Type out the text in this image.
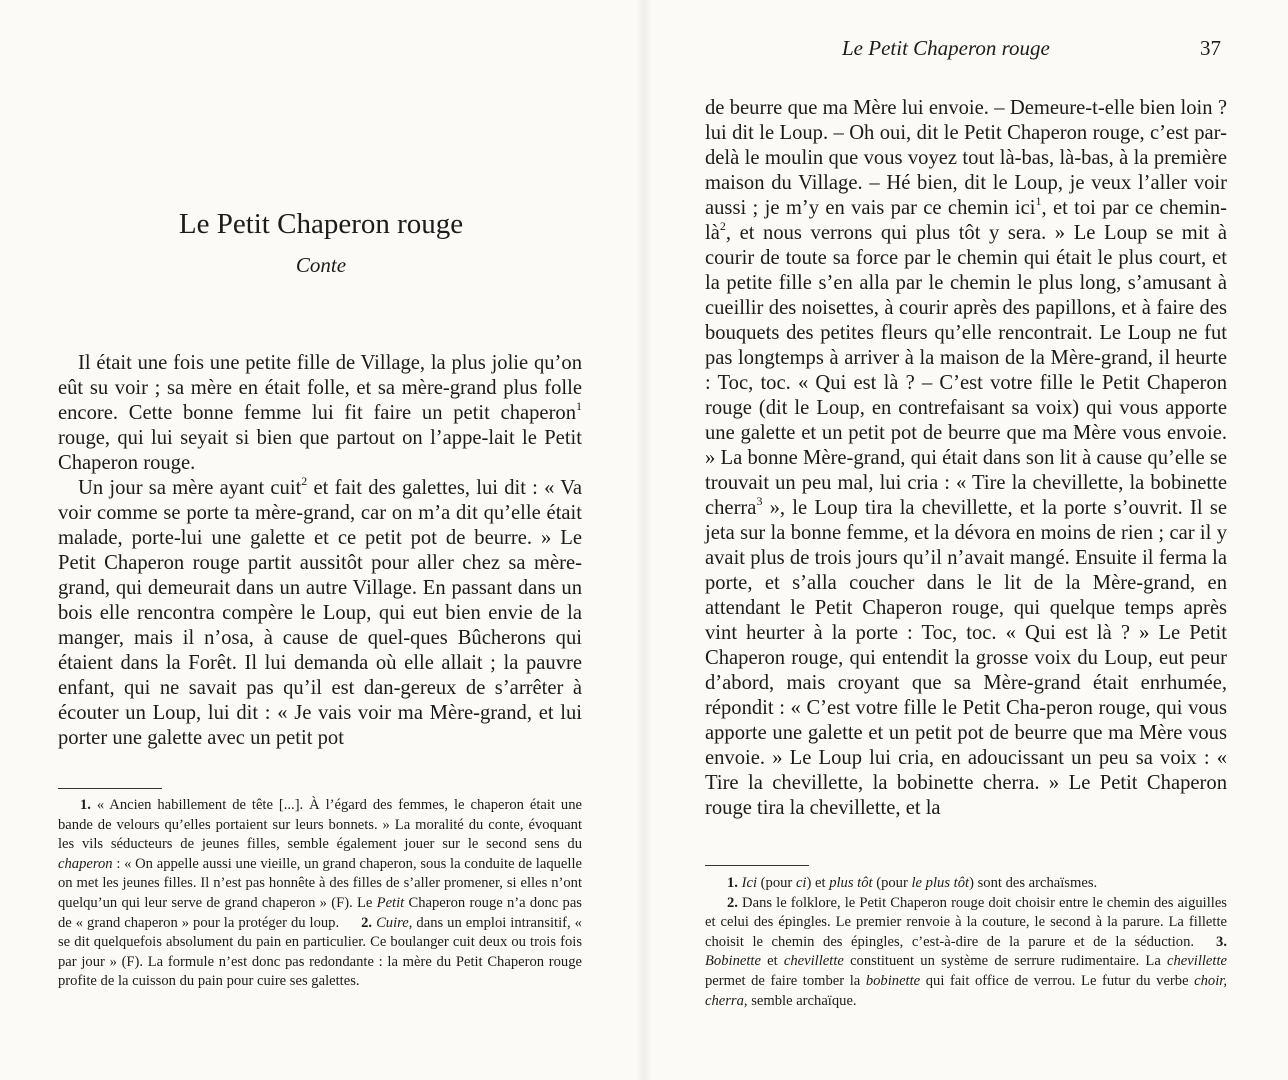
Le Petit Chaperon rouge
Conte

Il était une fois une petite fille de Village, la plus jolie qu’on eût su voir ; sa mère en était folle, et sa mère-grand plus folle encore. Cette bonne femme lui fit faire un petit chaperon$^1$ rouge, qui lui seyait si bien que partout on l’appe-lait le Petit Chaperon rouge.

Un jour sa mère ayant cuit$^2$ et fait des galettes, lui dit : « Va voir comme se porte ta mère-grand, car on m’a dit qu’elle était malade, porte-lui une galette et ce petit pot de beurre. » Le Petit Chaperon rouge partit aussitôt pour aller chez sa mère-grand, qui demeurait dans un autre Village. En passant dans un bois elle rencontra compère le Loup, qui eut bien envie de la manger, mais il n’osa, à cause de quel-ques Bûcherons qui étaient dans la Forêt. Il lui demanda où elle allait ; la pauvre enfant, qui ne savait pas qu’il est dan-gereux de s’arrêter à écouter un Loup, lui dit : « Je vais voir ma Mère-grand, et lui porter une galette avec un petit pot

1. « Ancien habillement de tête [...]. À l’égard des femmes, le chaperon était une bande de velours qu’elles portaient sur leurs bonnets. » La moralité du conte, évoquant les vils séducteurs de jeunes filles, semble également jouer sur le second sens du chaperon : « On appelle aussi une vieille, un grand chaperon, sous la conduite de laquelle on met les jeunes filles. Il n’est pas honnête à des filles de s’aller promener, si elles n’ont quelqu’un qui leur serve de grand chaperon » (F). Le Petit Chaperon rouge n’a donc pas de « grand chaperon » pour la protéger du loup. 2. Cuire, dans un emploi intransitif, « se dit quelquefois absolument du pain en particulier. Ce boulanger cuit deux ou trois fois par jour » (F). La formule n’est donc pas redondante : la mère du Petit Chaperon rouge profite de la cuisson du pain pour cuire ses galettes.

Le Petit Chaperon rouge	37

de beurre que ma Mère lui envoie. – Demeure-t-elle bien loin ? lui dit le Loup. – Oh oui, dit le Petit Chaperon rouge, c’est par-delà le moulin que vous voyez tout là-bas, là-bas, à la première maison du Village. – Hé bien, dit le Loup, je veux l’aller voir aussi ; je m’y en vais par ce chemin ici$^1$, et toi par ce chemin-$là^2$, et nous verrons qui plus tôt y sera. » Le Loup se mit à courir de toute sa force par le chemin qui était le plus court, et la petite fille s’en alla par le chemin le plus long, s’amusant à cueillir des noisettes, à courir après des papillons, et à faire des bouquets des petites fleurs qu’elle rencontrait. Le Loup ne fut pas longtemps à arriver à la maison de la Mère-grand, il heurte : Toc, toc. « Qui est là ? – C’est votre fille le Petit Chaperon rouge (dit le Loup, en contrefaisant sa voix) qui vous apporte une galette et un petit pot de beurre que ma Mère vous envoie. » La bonne Mère-grand, qui était dans son lit à cause qu’elle se trouvait un peu mal, lui cria : « Tire la chevillette, la bobinette cherra$^3$ », le Loup tira la chevillette, et la porte s’ouvrit. Il se jeta sur la bonne femme, et la dévora en moins de rien ; car il y avait plus de trois jours qu’il n’avait mangé. Ensuite il ferma la porte, et s’alla coucher dans le lit de la Mère-grand, en attendant le Petit Chaperon rouge, qui quelque temps après vint heurter à la porte : Toc, toc. « Qui est là ? » Le Petit Chaperon rouge, qui entendit la grosse voix du Loup, eut peur d’abord, mais croyant que sa Mère-grand était enrhumée, répondit : « C’est votre fille le Petit Cha-peron rouge, qui vous apporte une galette et un petit pot de beurre que ma Mère vous envoie. » Le Loup lui cria, en adoucissant un peu sa voix : « Tire la chevillette, la bobinette cherra. » Le Petit Chaperon rouge tira la chevillette, et la

1. Ici (pour ci) et plus tôt (pour le plus tôt) sont des archaïsmes.

2. Dans le folklore, le Petit Chaperon rouge doit choisir entre le chemin des aiguilles et celui des épingles. Le premier renvoie à la couture, le second à la parure. La fillette choisit le chemin des épingles, c’est-à-dire de la parure et de la séduction. 3. Bobinette et chevillette constituent un système de serrure rudimentaire. La chevillette permet de faire tomber la bobinette qui fait office de verrou. Le futur du verbe choir, cherra, semble archaïque.
